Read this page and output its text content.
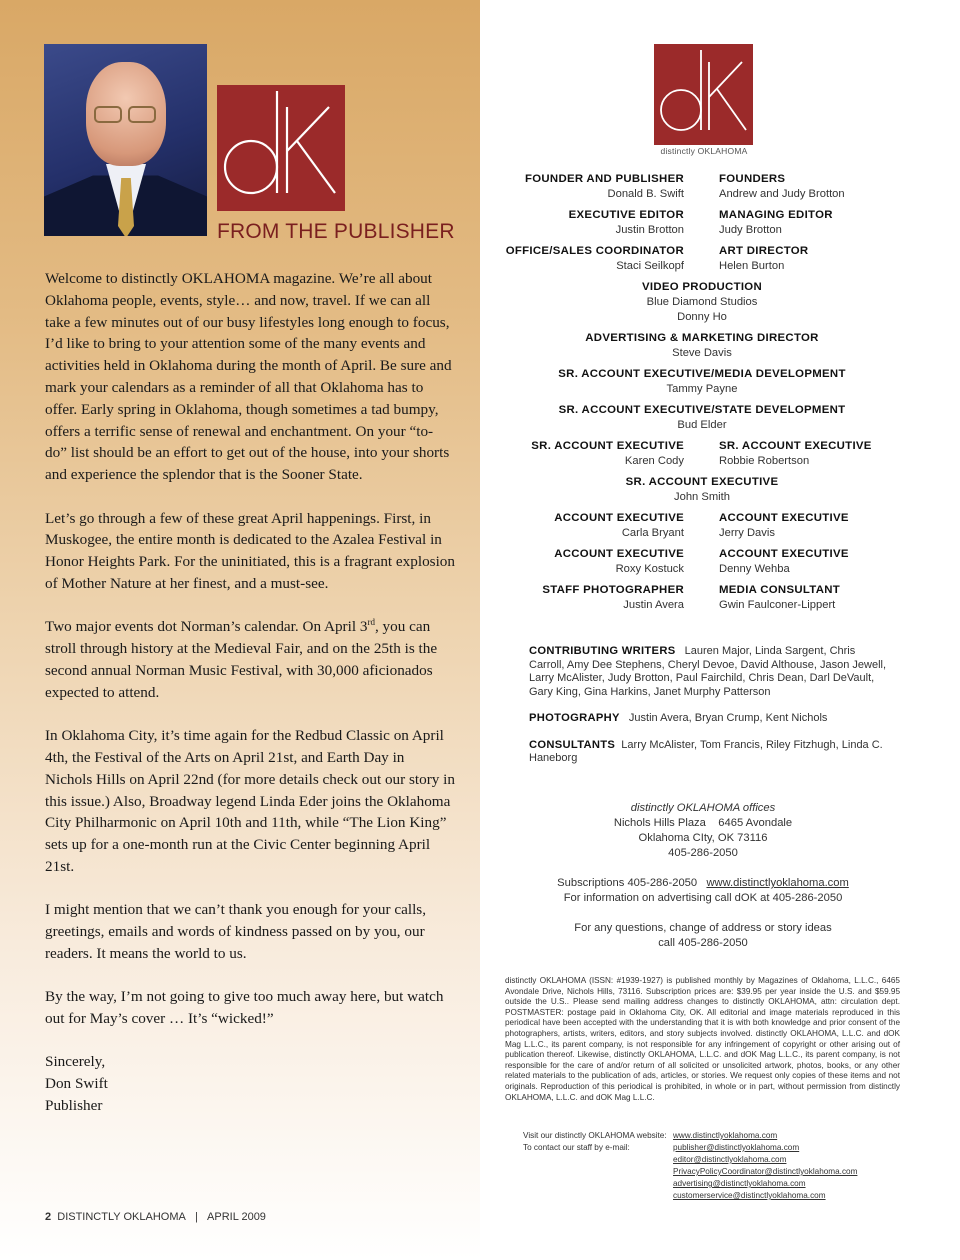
FROM THE PUBLISHER

Welcome to distinctly OKLAHOMA magazine. We’re all about Oklahoma people, events, style… and now, travel. If we can all take a few minutes out of our busy lifestyles long enough to focus, I’d like to bring to your attention some of the many events and activities held in Oklahoma during the month of April. Be sure and mark your calendars as a reminder of all that Oklahoma has to offer. Early spring in Oklahoma, though sometimes a tad bumpy, offers a terrific sense of renewal and enchantment. On your “to-do” list should be an effort to get out of the house, into your shorts and experience the splendor that is the Sooner State.

Let’s go through a few of these great April happenings. First, in Muskogee, the entire month is dedicated to the Azalea Festival in Honor Heights Park. For the uninitiated, this is a fragrant explosion of Mother Nature at her finest, and a must-see.

Two major events dot Norman’s calendar. On April 3rd, you can stroll through history at the Medieval Fair, and on the 25th is the second annual Norman Music Festival, with 30,000 aficionados expected to attend.

In Oklahoma City, it’s time again for the Redbud Classic on April 4th, the Festival of the Arts on April 21st, and Earth Day in Nichols Hills on April 22nd (for more details check out our story in this issue.) Also, Broadway legend Linda Eder joins the Oklahoma City Philharmonic on April 10th and 11th, while “The Lion King” sets up for a one-month run at the Civic Center beginning April 21st.

I might mention that we can’t thank you enough for your calls, greetings, emails and words of kindness passed on by you, our readers. It means the world to us.

By the way, I’m not going to give too much away here, but watch out for May’s cover … It’s “wicked!”

Sincerely,

Don Swift

Publisher

2 DISTINCTLY OKLAHOMA | APRIL 2009
distinctly OKLAHOMA
FOUNDER AND PUBLISHER
Donald B. Swift
FOUNDERS
Andrew and Judy Brotton
EXECUTIVE EDITOR
Justin Brotton
MANAGING EDITOR
Judy Brotton
OFFICE/SALES COORDINATOR
Staci Seilkopf
ART DIRECTOR
Helen Burton
VIDEO PRODUCTION
Blue Diamond Studios
Donny Ho
ADVERTISING & MARKETING DIRECTOR
Steve Davis
SR. ACCOUNT EXECUTIVE/MEDIA DEVELOPMENT
Tammy Payne
SR. ACCOUNT EXECUTIVE/STATE DEVELOPMENT
Bud Elder
SR. ACCOUNT EXECUTIVE
Karen Cody
SR. ACCOUNT EXECUTIVE
Robbie Robertson
SR. ACCOUNT EXECUTIVE
John Smith
ACCOUNT EXECUTIVE
Carla Bryant
ACCOUNT EXECUTIVE
Jerry Davis
ACCOUNT EXECUTIVE
Roxy Kostuck
ACCOUNT EXECUTIVE
Denny Wehba
STAFF PHOTOGRAPHER
Justin Avera
MEDIA CONSULTANT
Gwin Faulconer-Lippert
CONTRIBUTING WRITERS Lauren Major, Linda Sargent, Chris Carroll, Amy Dee Stephens, Cheryl Devoe, David Althouse, Jason Jewell, Larry McAlister, Judy Brotton, Paul Fairchild, Chris Dean, Darl DeVault, Gary King, Gina Harkins, Janet Murphy Patterson
PHOTOGRAPHY Justin Avera, Bryan Crump, Kent Nichols
CONSULTANTS Larry McAlister, Tom Francis, Riley Fitzhugh, Linda C. Haneborg
distinctly OKLAHOMA offices
Nichols Hills Plaza    6465 Avondale
Oklahoma CIty, OK 73116
405-286-2050
Subscriptions 405-286-2050 www.distinctlyoklahoma.com
For information on advertising call dOK at 405-286-2050
For any questions, change of address or story ideas
call 405-286-2050
distinctly OKLAHOMA (ISSN: #1939-1927) is published monthly by Magazines of Oklahoma, L.L.C., 6465 Avondale Drive, Nichols Hills, 73116. Subscription prices are: $39.95 per year inside the U.S. and $59.95 outside the U.S.. Please send mailing address changes to distinctly OKLAHOMA, attn: circulation dept. POSTMASTER: postage paid in Oklahoma City, OK. All editorial and image materials reproduced in this periodical have been accepted with the understanding that it is with both knowledge and prior consent of the photographers, artists, writers, editors, and story subjects involved. distinctly OKLAHOMA, L.L.C. and dOK Mag L.L.C., its parent company, is not responsible for any infringement of copyright or other arising out of publication thereof. Likewise, distinctly OKLAHOMA, L.L.C. and dOK Mag L.L.C., its parent company, is not responsible for the care of and/or return of all solicited or unsolicited artwork, photos, books, or any other related materials to the publication of ads, articles, or stories. We request only copies of these items and not originals. Reproduction of this periodical is prohibited, in whole or in part, without permission from distinctly OKLAHOMA, L.L.C. and dOK Mag L.L.C.
Visit our distinctly OKLAHOMA website: www.distinctlyoklahoma.com
To contact our staff by e-mail:	publisher@distinctlyoklahoma.com
editor@distinctlyoklahoma.com
PrivacyPolicyCoordinator@distinctlyoklahoma.com
advertising@distinctlyoklahoma.com
customerservice@distinctlyoklahoma.com
